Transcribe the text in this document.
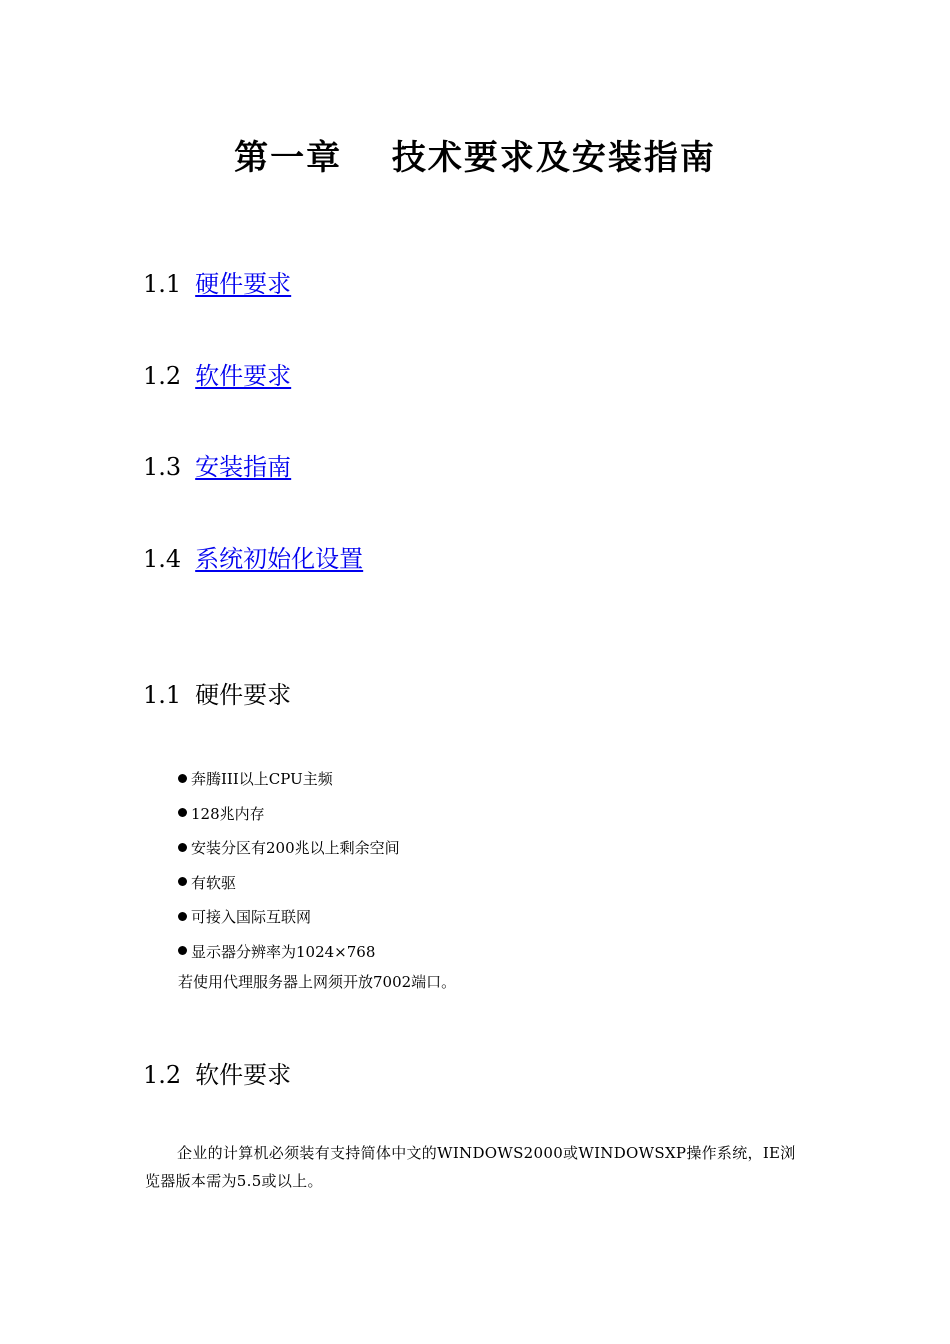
第一章　 技术要求及安装指南
1.1 硬件要求
1.2 软件要求
1.3 安装指南
1.4 系统初始化设置
1.1 硬件要求
奔腾III以上CPU主频
128兆内存
安装分区有200兆以上剩余空间
有软驱
可接入国际互联网
显示器分辨率为1024×768
若使用代理服务器上网须开放7002端口。
1.2 软件要求

企业的计算机必须装有支持简体中文的WINDOWS2000或WINDOWSXP操作系统，IE浏览器版本需为5.5或以上。
